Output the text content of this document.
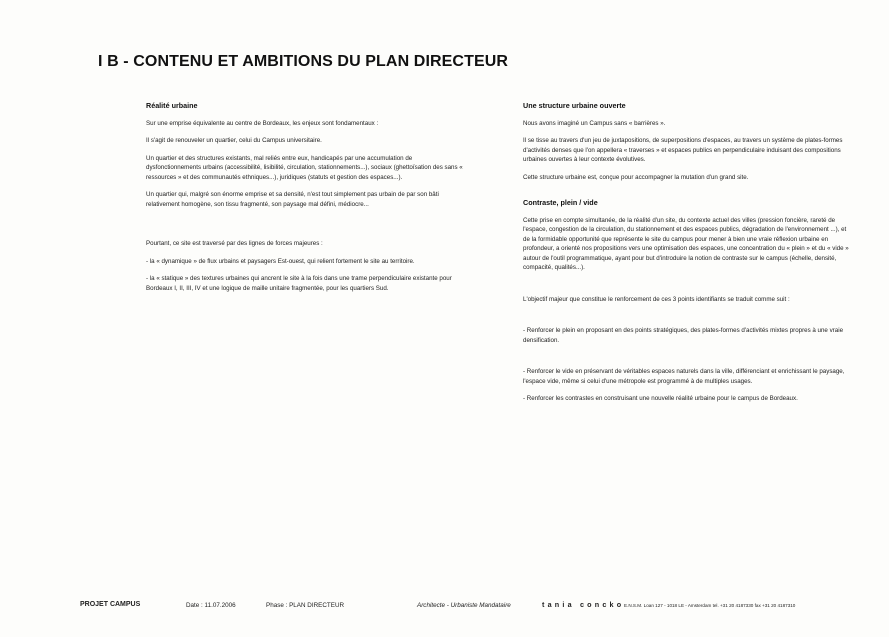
I B - CONTENU ET AMBITIONS DU PLAN DIRECTEUR
Réalité urbaine

Sur une emprise équivalente au centre de Bordeaux, les enjeux sont fondamentaux :

Il s'agit de renouveler un quartier, celui du Campus universitaire.

Un quartier et des structures existants, mal reliés entre eux, handicapés par une accumulation de dysfonctionnements urbains (accessibilité, lisibilité, circulation, stationnements...), sociaux (ghettoïsation des sans « ressources » et des communautés ethniques...), juridiques (statuts et gestion des espaces...).

Un quartier qui, malgré son énorme emprise et sa densité, n'est tout simplement pas urbain de par son bâti relativement homogène, son tissu fragmenté, son paysage mal défini, médiocre...

Pourtant, ce site est traversé par des lignes de forces majeures :

- la « dynamique » de flux urbains et paysagers Est-ouest, qui relient fortement le site au territoire.

- la « statique » des textures urbaines qui ancrent le site à la fois dans une trame perpendiculaire existante pour Bordeaux I, II, III, IV et une logique de maille unitaire fragmentée, pour les quartiers Sud.

Une structure urbaine ouverte

Nous avons imaginé un Campus sans « barrières ».

Il se tisse au travers d'un jeu de juxtapositions, de superpositions d'espaces, au travers un système de plates-formes d'activités denses que l'on appellera « traverses » et espaces publics en perpendiculaire induisant des compositions urbaines ouvertes à leur contexte évolutives.

Cette structure urbaine est, conçue pour accompagner la mutation d'un grand site.

Contraste, plein / vide

Cette prise en compte simultanée, de la réalité d'un site, du contexte actuel des villes (pression foncière, rareté de l'espace, congestion de la circulation, du stationnement et des espaces publics, dégradation de l'environnement ...), et de la formidable opportunité que représente le site du campus pour mener à bien une vraie réflexion urbaine en profondeur, a orienté nos propositions vers une optimisation des espaces, une concentration du « plein » et du « vide » autour de l'outil programmatique, ayant pour but d'introduire la notion de contraste sur le campus (échelle, densité, compacité, qualités...).

L'objectif majeur que constitue le renforcement de ces 3 points identifiants se traduit comme suit :

- Renforcer le plein en proposant en des points stratégiques, des plates-formes d'activités mixtes propres à une vraie densification.

- Renforcer le vide en préservant de véritables espaces naturels dans la ville, différenciant et enrichissant le paysage, l'espace vide, même si celui d'une métropole est programmé à de multiples usages.

- Renforcer les contrastes en construisant une nouvelle réalité urbaine pour le campus de Bordeaux.

PROJET CAMPUS	Date : 11.07.2006	Phase : PLAN DIRECTEUR	Architecte - Urbaniste Mandataire	tania concko E.N.S.M. Loan 127 - 1018 LE - Amsterdam tel. +31 20 4187330 fax +31 20 4187310
